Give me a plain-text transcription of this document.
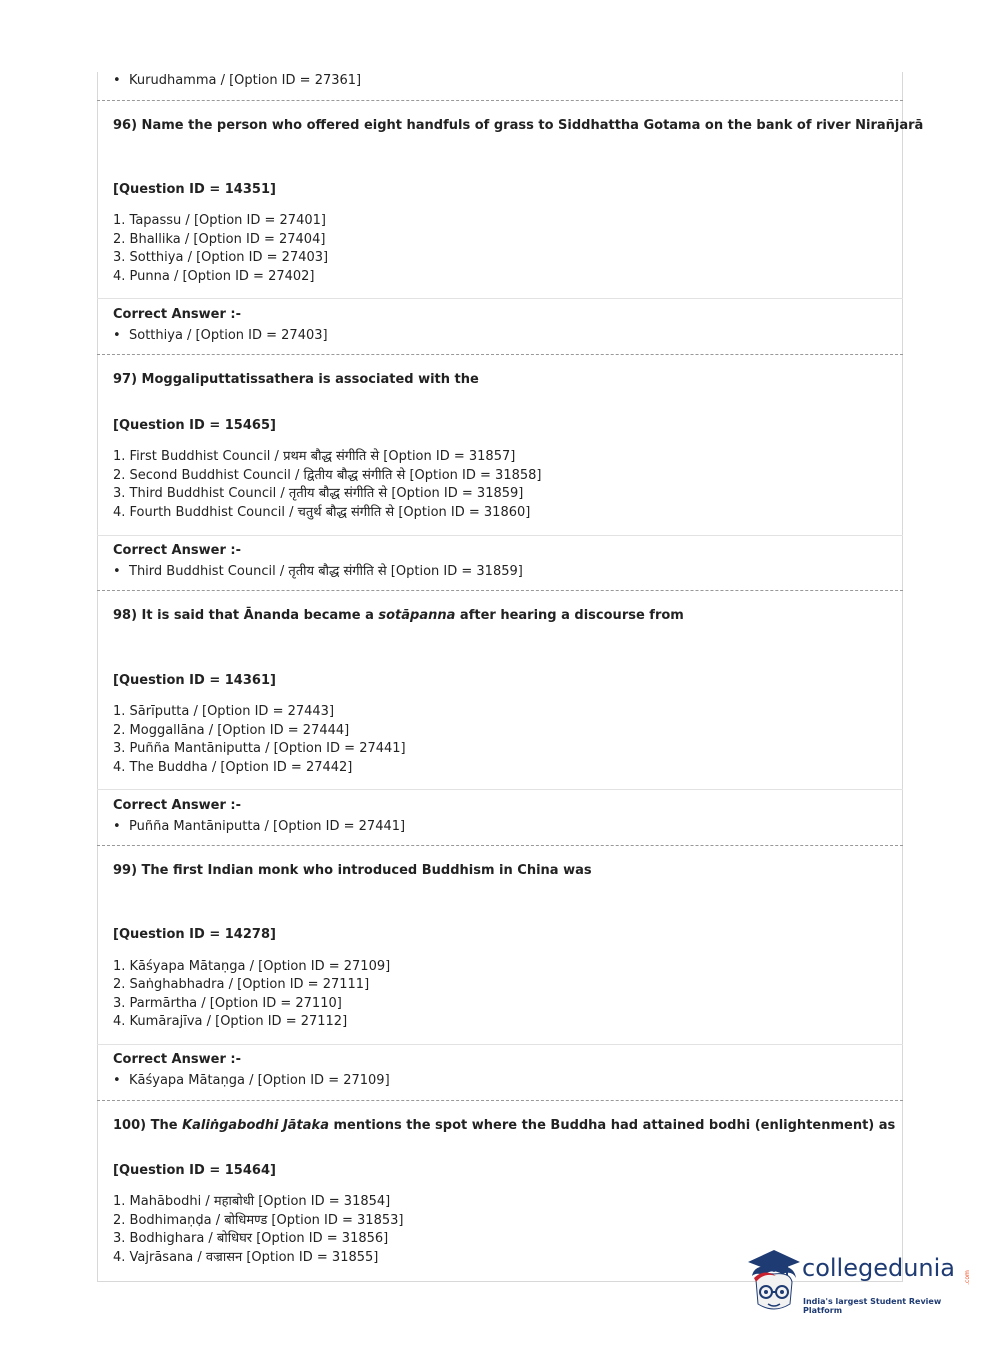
• Kurudhamma / [Option ID = 27361]
96) Name the person who offered eight handfuls of grass to Siddhattha Gotama on the bank of river Nirañjarā
[Question ID = 14351]
1. Tapassu / [Option ID = 27401]
2. Bhallika / [Option ID = 27404]
3. Sotthiya / [Option ID = 27403]
4. Punna / [Option ID = 27402]
Correct Answer :-
• Sotthiya / [Option ID = 27403]
97) Moggaliputtatissathera is associated with the
[Question ID = 15465]
1. First Buddhist Council / प्रथम बौद्ध संगीति से [Option ID = 31857]
2. Second Buddhist Council / द्वितीय बौद्ध संगीति से [Option ID = 31858]
3. Third Buddhist Council / तृतीय बौद्ध संगीति से [Option ID = 31859]
4. Fourth Buddhist Council / चतुर्थ बौद्ध संगीति से [Option ID = 31860]
Correct Answer :-
• Third Buddhist Council / तृतीय बौद्ध संगीति से [Option ID = 31859]
98) It is said that Ānanda became a sotāpanna after hearing a discourse from
[Question ID = 14361]
1. Sārīputta / [Option ID = 27443]
2. Moggallāna / [Option ID = 27444]
3. Puñña Mantāniputta / [Option ID = 27441]
4. The Buddha / [Option ID = 27442]
Correct Answer :-
• Puñña Mantāniputta / [Option ID = 27441]
99) The first Indian monk who introduced Buddhism in China was
[Question ID = 14278]
1. Kāśyapa Mātaṇga / [Option ID = 27109]
2. Saṅghabhadra / [Option ID = 27111]
3. Parmārtha / [Option ID = 27110]
4. Kumārajīva / [Option ID = 27112]
Correct Answer :-
• Kāśyapa Mātaṇga / [Option ID = 27109]
100) The Kaliṅgabodhi Jātaka mentions the spot where the Buddha had attained bodhi (enlightenment) as
[Question ID = 15464]
1. Mahābodhi / महाबोधी [Option ID = 31854]
2. Bodhimaṇḍa / बोधिमण्ड [Option ID = 31853]
3. Bodhighara / बोधिघर [Option ID = 31856]
4. Vajrāsana / वज्रासन [Option ID = 31855]	collegedunia .com
India's largest Student Review Platform
